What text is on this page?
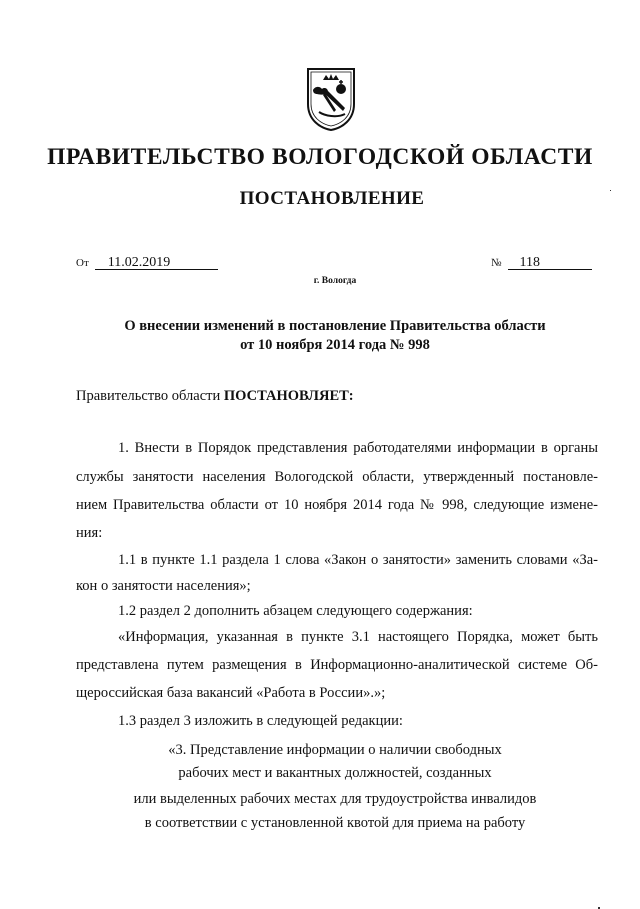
ПРАВИТЕЛЬСТВО ВОЛОГОДСКОЙ ОБЛАСТИ
ПОСТАНОВЛЕНИЕ
От 11.02.2019	№ 118
г. Вологда
О внесении изменений в постановление Правительства области
от 10 ноября 2014 года № 998
Правительство области ПОСТАНОВЛЯЕТ:
1. Внести в Порядок представления работодателями информации в органы
службы занятости населения Вологодской области, утвержденный постановле-
нием Правительства области от 10 ноября 2014 года № 998, следующие измене-
ния:
1.1 в пункте 1.1 раздела 1 слова «Закон о занятости» заменить словами «За-
кон о занятости населения»;
1.2 раздел 2 дополнить абзацем следующего содержания:
«Информация, указанная в пункте 3.1 настоящего Порядка, может быть
представлена путем размещения в Информационно-аналитической системе Об-
щероссийская база вакансий «Работа в России».»;
1.3 раздел 3 изложить в следующей редакции:
«3. Представление информации о наличии свободных
рабочих мест и вакантных должностей, созданных
или выделенных рабочих местах для трудоустройства инвалидов
в соответствии с установленной квотой для приема на работу
